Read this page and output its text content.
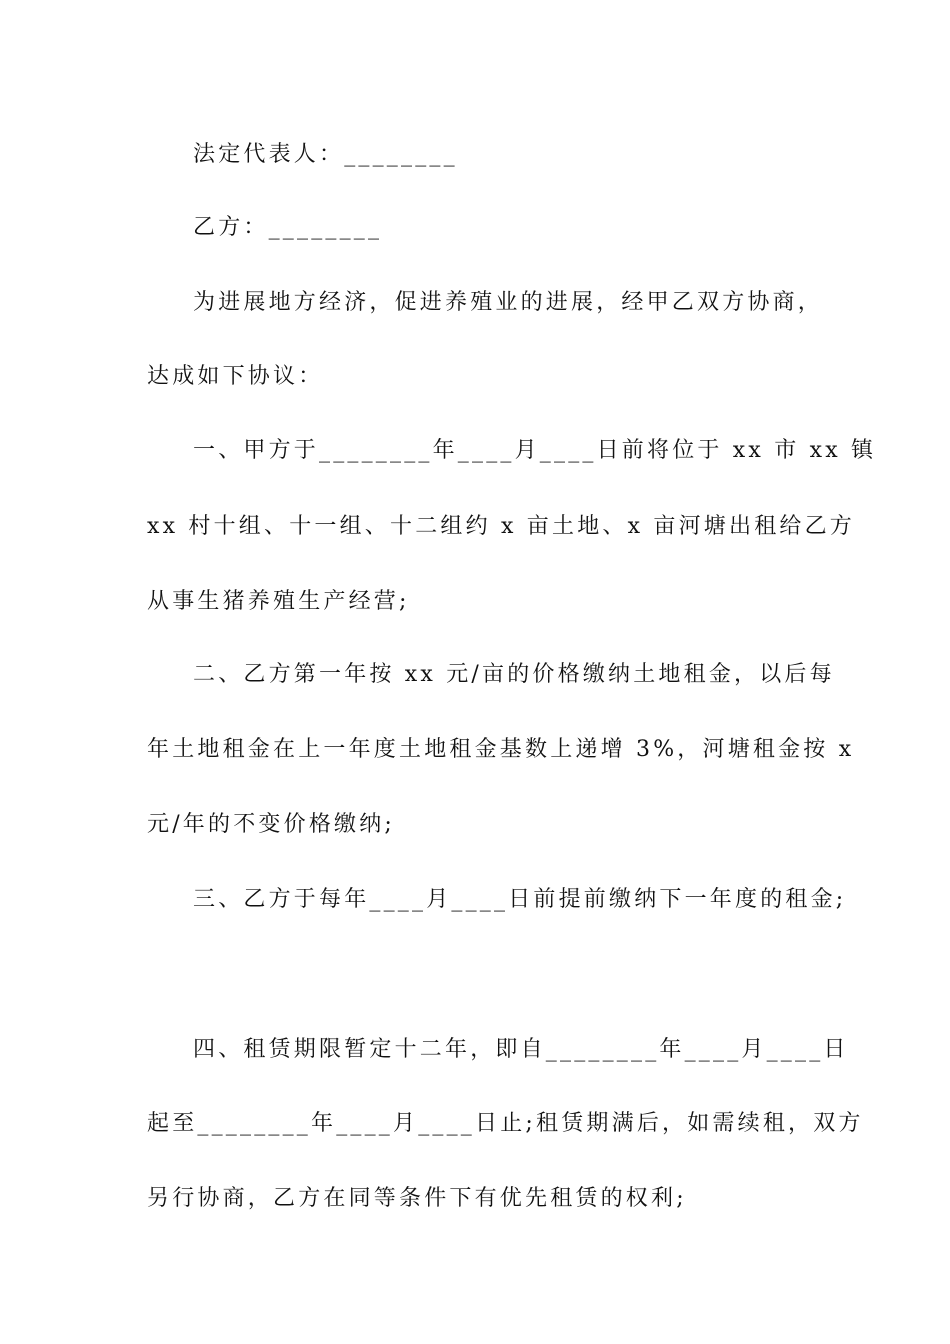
法定代表人：________
乙方：________
为进展地方经济，促进养殖业的进展，经甲乙双方协商，
达成如下协议：
一、甲方于________年____月____日前将位于 xx 市 xx 镇
xx 村十组、十一组、十二组约 x 亩土地、x 亩河塘出租给乙方
从事生猪养殖生产经营;
二、乙方第一年按 xx 元/亩的价格缴纳土地租金，以后每
年土地租金在上一年度土地租金基数上递增 3%，河塘租金按 x
元/年的不变价格缴纳;
三、乙方于每年____月____日前提前缴纳下一年度的租金;
四、租赁期限暂定十二年，即自________年____月____日
起至________年____月____日止;租赁期满后，如需续租，双方
另行协商，乙方在同等条件下有优先租赁的权利;
